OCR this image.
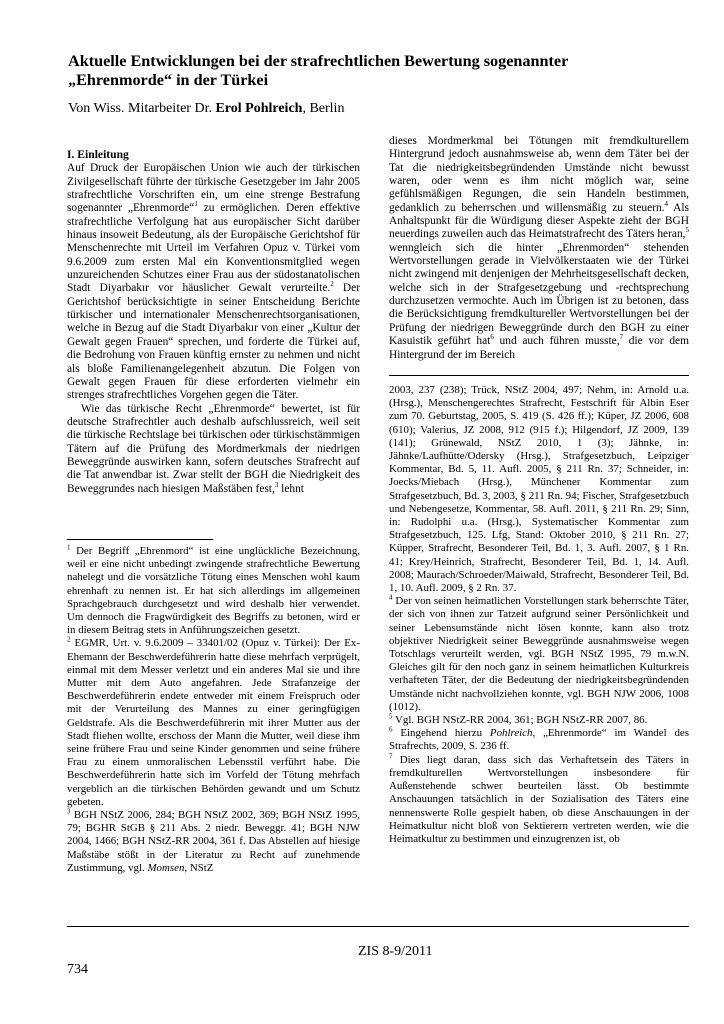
Aktuelle Entwicklungen bei der strafrechtlichen Bewertung sogenannter „Ehrenmorde“ in der Türkei
Von Wiss. Mitarbeiter Dr. Erol Pohlreich, Berlin

I. Einleitung

Auf Druck der Europäischen Union wie auch der türkischen Zivilgesellschaft führte der türkische Gesetzgeber im Jahr 2005 strafrechtliche Vorschriften ein, um eine strenge Bestrafung sogenannter „Ehrenmorde“$^1$ zu ermöglichen. Deren effektive strafrechtliche Verfolgung hat aus europäischer Sicht darüber hinaus insoweit Bedeutung, als der Europäische Gerichtshof für Menschenrechte mit Urteil im Verfahren Opuz v. Türkei vom 9.6.2009 zum ersten Mal ein Konventionsmitglied wegen unzureichenden Schutzes einer Frau aus der südostanatolischen Stadt Diyarbakır vor häuslicher Gewalt verurteilte.$^2$ Der Gerichtshof berücksichtigte in seiner Entscheidung Berichte türkischer und internationaler Menschenrechtsorganisationen, welche in Bezug auf die Stadt Diyarbakır von einer „Kultur der Gewalt gegen Frauen“ sprechen, und forderte die Türkei auf, die Bedrohung von Frauen künftig ernster zu nehmen und nicht als bloße Familienangelegenheit abzutun. Die Folgen von Gewalt gegen Frauen für diese erforderten vielmehr ein strenges strafrechtliches Vorgehen gegen die Täter.

Wie das türkische Recht „Ehrenmorde“ bewertet, ist für deutsche Strafrechtler auch deshalb aufschlussreich, weil seit die türkische Rechtslage bei türkischen oder türkischstämmigen Tätern auf die Prüfung des Mordmerkmals der niedrigen Beweggründe auswirken kann, sofern deutsches Strafrecht auf die Tat anwendbar ist. Zwar stellt der BGH die Niedrigkeit des Beweggrundes nach hiesigen Maßstäben fest,$^3$ lehnt

dieses Mordmerkmal bei Tötungen mit fremdkulturellem Hintergrund jedoch ausnahmsweise ab, wenn dem Täter bei der Tat die niedrigkeitsbegründenden Umstände nicht bewusst waren, oder wenn es ihm nicht möglich war, seine gefühlsmäßigen Regungen, die sein Handeln bestimmen, gedanklich zu beherrschen und willensmäßig zu steuern.$^4$ Als Anhaltspunkt für die Würdigung dieser Aspekte zieht der BGH neuerdings zuweilen auch das Heimatstrafrecht des Täters heran,$^5$ wenngleich sich die hinter „Ehrenmorden“ stehenden Wertvorstellungen gerade in Vielvölkerstaaten wie der Türkei nicht zwingend mit denjenigen der Mehrheitsgesellschaft decken, welche sich in der Strafgesetzgebung und -rechtsprechung durchzusetzen vermochte. Auch im Übrigen ist zu betonen, dass die Berücksichtigung fremdkultureller Wertvorstellungen bei der Prüfung der niedrigen Beweggründe durch den BGH zu einer Kasuistik geführt hat$^6$ und auch führen musste,$^7$ die vor dem Hintergrund der im Bereich

$^1$ Der Begriff „Ehrenmord“ ist eine unglückliche Bezeichnung, weil er eine nicht unbedingt zwingende strafrechtliche Bewertung nahelegt und die vorsätzliche Tötung eines Menschen wohl kaum ehrenhaft zu nennen ist. Er hat sich allerdings im allgemeinen Sprachgebrauch durchgesetzt und wird deshalb hier verwendet. Um dennoch die Fragwürdigkeit des Begriffs zu betonen, wird er in diesem Beitrag stets in Anführungszeichen gesetzt.

$^2$ EGMR, Urt. v. 9.6.2009 – 33401/02 (Opuz v. Türkei): Der Ex-Ehemann der Beschwerdeführerin hatte diese mehrfach verprügelt, einmal mit dem Messer verletzt und ein anderes Mal sie und ihre Mutter mit dem Auto angefahren. Jede Strafanzeige der Beschwerdeführerin endete entweder mit einem Freispruch oder mit der Verurteilung des Mannes zu einer geringfügigen Geldstrafe. Als die Beschwerdeführerin mit ihrer Mutter aus der Stadt fliehen wollte, erschoss der Mann die Mutter, weil diese ihm seine frühere Frau und seine Kinder genommen und seine frühere Frau zu einem unmoralischen Lebensstil verführt habe. Die Beschwerdeführerin hatte sich im Vorfeld der Tötung mehrfach vergeblich an die türkischen Behörden gewandt und um Schutz gebeten.

$^3$ BGH NStZ 2006, 284; BGH NStZ 2002, 369; BGH NStZ 1995, 79; BGHR StGB § 211 Abs. 2 niedr. Beweggr. 41; BGH NJW 2004, 1466; BGH NStZ-RR 2004, 361 f. Das Abstellen auf hiesige Maßstäbe stößt in der Literatur zu Recht auf zunehmende Zustimmung, vgl. Momsen, NStZ

2003, 237 (238); Trück, NStZ 2004, 497; Nehm, in: Arnold u.a. (Hrsg.), Menschengerechtes Strafrecht, Festschrift für Albin Eser zum 70. Geburtstag, 2005, S. 419 (S. 426 ff.); Küper, JZ 2006, 608 (610); Valerius, JZ 2008, 912 (915 f.); Hilgendorf, JZ 2009, 139 (141); Grünewald, NStZ 2010, 1 (3); Jähnke, in: Jähnke/Laufhütte/Odersky (Hrsg.), Strafgesetzbuch, Leipziger Kommentar, Bd. 5, 11. Aufl. 2005, § 211 Rn. 37; Schneider, in: Joecks/Miebach (Hrsg.), Münchener Kommentar zum Strafgesetzbuch, Bd. 3, 2003, § 211 Rn. 94; Fischer, Strafgesetzbuch und Nebengesetze, Kommentar, 58. Aufl. 2011, § 211 Rn. 29; Sinn, in: Rudolphi u.a. (Hrsg.), Systematischer Kommentar zum Strafgesetzbuch, 125. Lfg, Stand: Oktober 2010, § 211 Rn. 27; Küpper, Strafrecht, Besonderer Teil, Bd. 1, 3. Aufl. 2007, § 1 Rn. 41; Krey/Heinrich, Strafrecht, Besonderer Teil, Bd. 1, 14. Aufl. 2008; Maurach/Schroeder/Maiwald, Strafrecht, Besonderer Teil, Bd. 1, 10. Aufl. 2009, § 2 Rn. 37.

$^4$ Der von seinen heimatlichen Vorstellungen stark beherrschte Täter, der sich von ihnen zur Tatzeit aufgrund seiner Persönlichkeit und seiner Lebensumstände nicht lösen konnte, kann also trotz objektiver Niedrigkeit seiner Beweggründe ausnahmsweise wegen Totschlags verurteilt werden, vgl. BGH NStZ 1995, 79 m.w.N. Gleiches gilt für den noch ganz in seinem heimatlichen Kulturkreis verhafteten Täter, der die Bedeutung der niedrigkeitsbegründenden Umstände nicht nachvollziehen konnte, vgl. BGH NJW 2006, 1008 (1012).

$^5$ Vgl. BGH NStZ-RR 2004, 361; BGH NStZ-RR 2007, 86.

$^6$ Eingehend hierzu Pohlreich, „Ehrenmorde“ im Wandel des Strafrechts, 2009, S. 236 ff.

$^7$ Dies liegt daran, dass sich das Verhaftetsein des Täters in fremdkulturellen Wertvorstellungen insbesondere für Außenstehende schwer beurteilen lässt. Ob bestimmte Anschauungen tatsächlich in der Sozialisation des Täters eine nennenswerte Rolle gespielt haben, ob diese Anschauungen in der Heimatkultur nicht bloß von Sektierern vertreten werden, wie die Heimatkultur zu bestimmen und einzugrenzen ist, ob

ZIS 8-9/2011
734
